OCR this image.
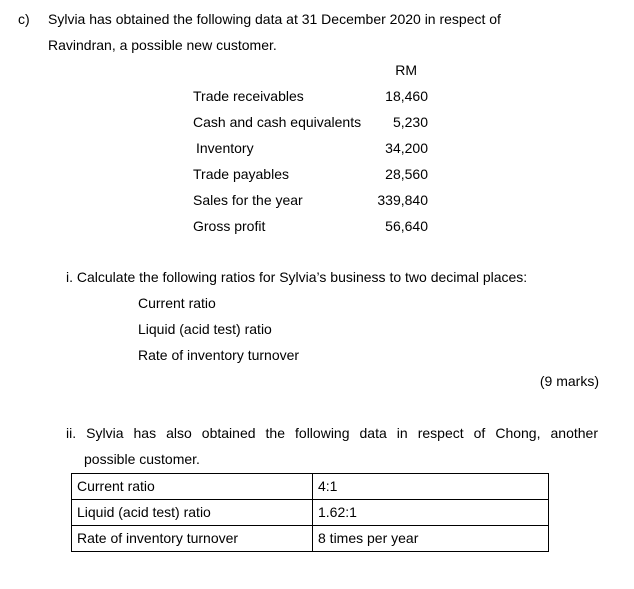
c) Sylvia has obtained the following data at 31 December 2020 in respect of
Ravindran, a possible new customer.
RM
Trade receivables	18,460
Cash and cash equivalents	5,230
Inventory	34,200
Trade payables	28,560
Sales for the year	339,840
Gross profit	56,640
i. Calculate the following ratios for Sylvia’s business to two decimal places:
Current ratio
Liquid (acid test) ratio
Rate of inventory turnover
(9 marks)
ii. Sylvia has also obtained the following data in respect of Chong, another
possible customer.
Current ratio	4:1
Liquid (acid test) ratio	1.62:1
Rate of inventory turnover	8 times per year
